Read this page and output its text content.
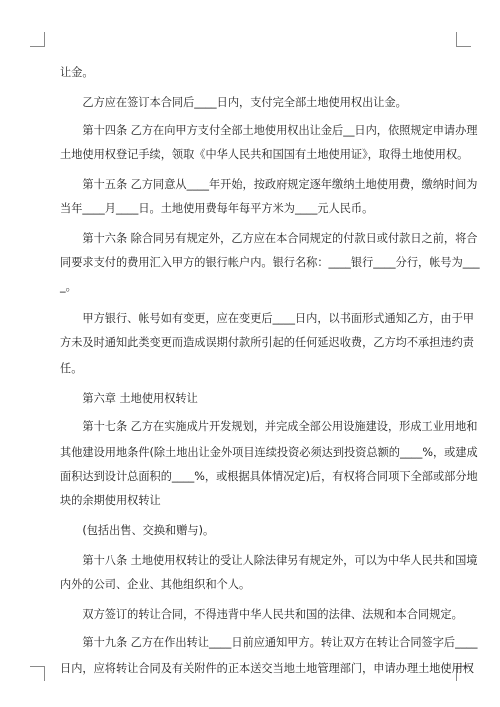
让金。
　　乙方应在签订本合同后____日内，支付完全部土地使用权出让金。
　　第十四条 乙方在向甲方支付全部土地使用权出让金后__日内，依照规定申请办理
土地使用权登记手续，领取《中华人民共和国国有土地使用证》，取得土地使用权。
　　第十五条 乙方同意从____年开始，按政府规定逐年缴纳土地使用费，缴纳时间为
当年____月____日。土地使用费每年每平方米为____元人民币。
　　第十六条 除合同另有规定外，乙方应在本合同规定的付款日或付款日之前，将合
同要求支付的费用汇入甲方的银行帐户内。银行名称：____银行____分行，帐号为___
_。
　　甲方银行、帐号如有变更，应在变更后____日内，以书面形式通知乙方，由于甲
方未及时通知此类变更而造成误期付款所引起的任何延迟收费，乙方均不承担违约责
任。
　　第六章 土地使用权转让
　　第十七条 乙方在实施成片开发规划，并完成全部公用设施建设，形成工业用地和
其他建设用地条件(除土地出让金外项目连续投资必须达到投资总额的____%，或建成
面积达到设计总面积的____%，或根据具体情况定)后，有权将合同项下全部或部分地
块的余期使用权转让
　　(包括出售、交换和赠与)。
　　第十八条 土地使用权转让的受让人除法律另有规定外，可以为中华人民共和国境
内外的公司、企业、其他组织和个人。
　　双方签订的转让合同，不得违背中华人民共和国的法律、法规和本合同规定。
　　第十九条 乙方在作出转让____日前应通知甲方。转让双方在转让合同签字后____
日内，应将转让合同及有关附件的正本送交当地土地管理部门，申请办理土地使用权
